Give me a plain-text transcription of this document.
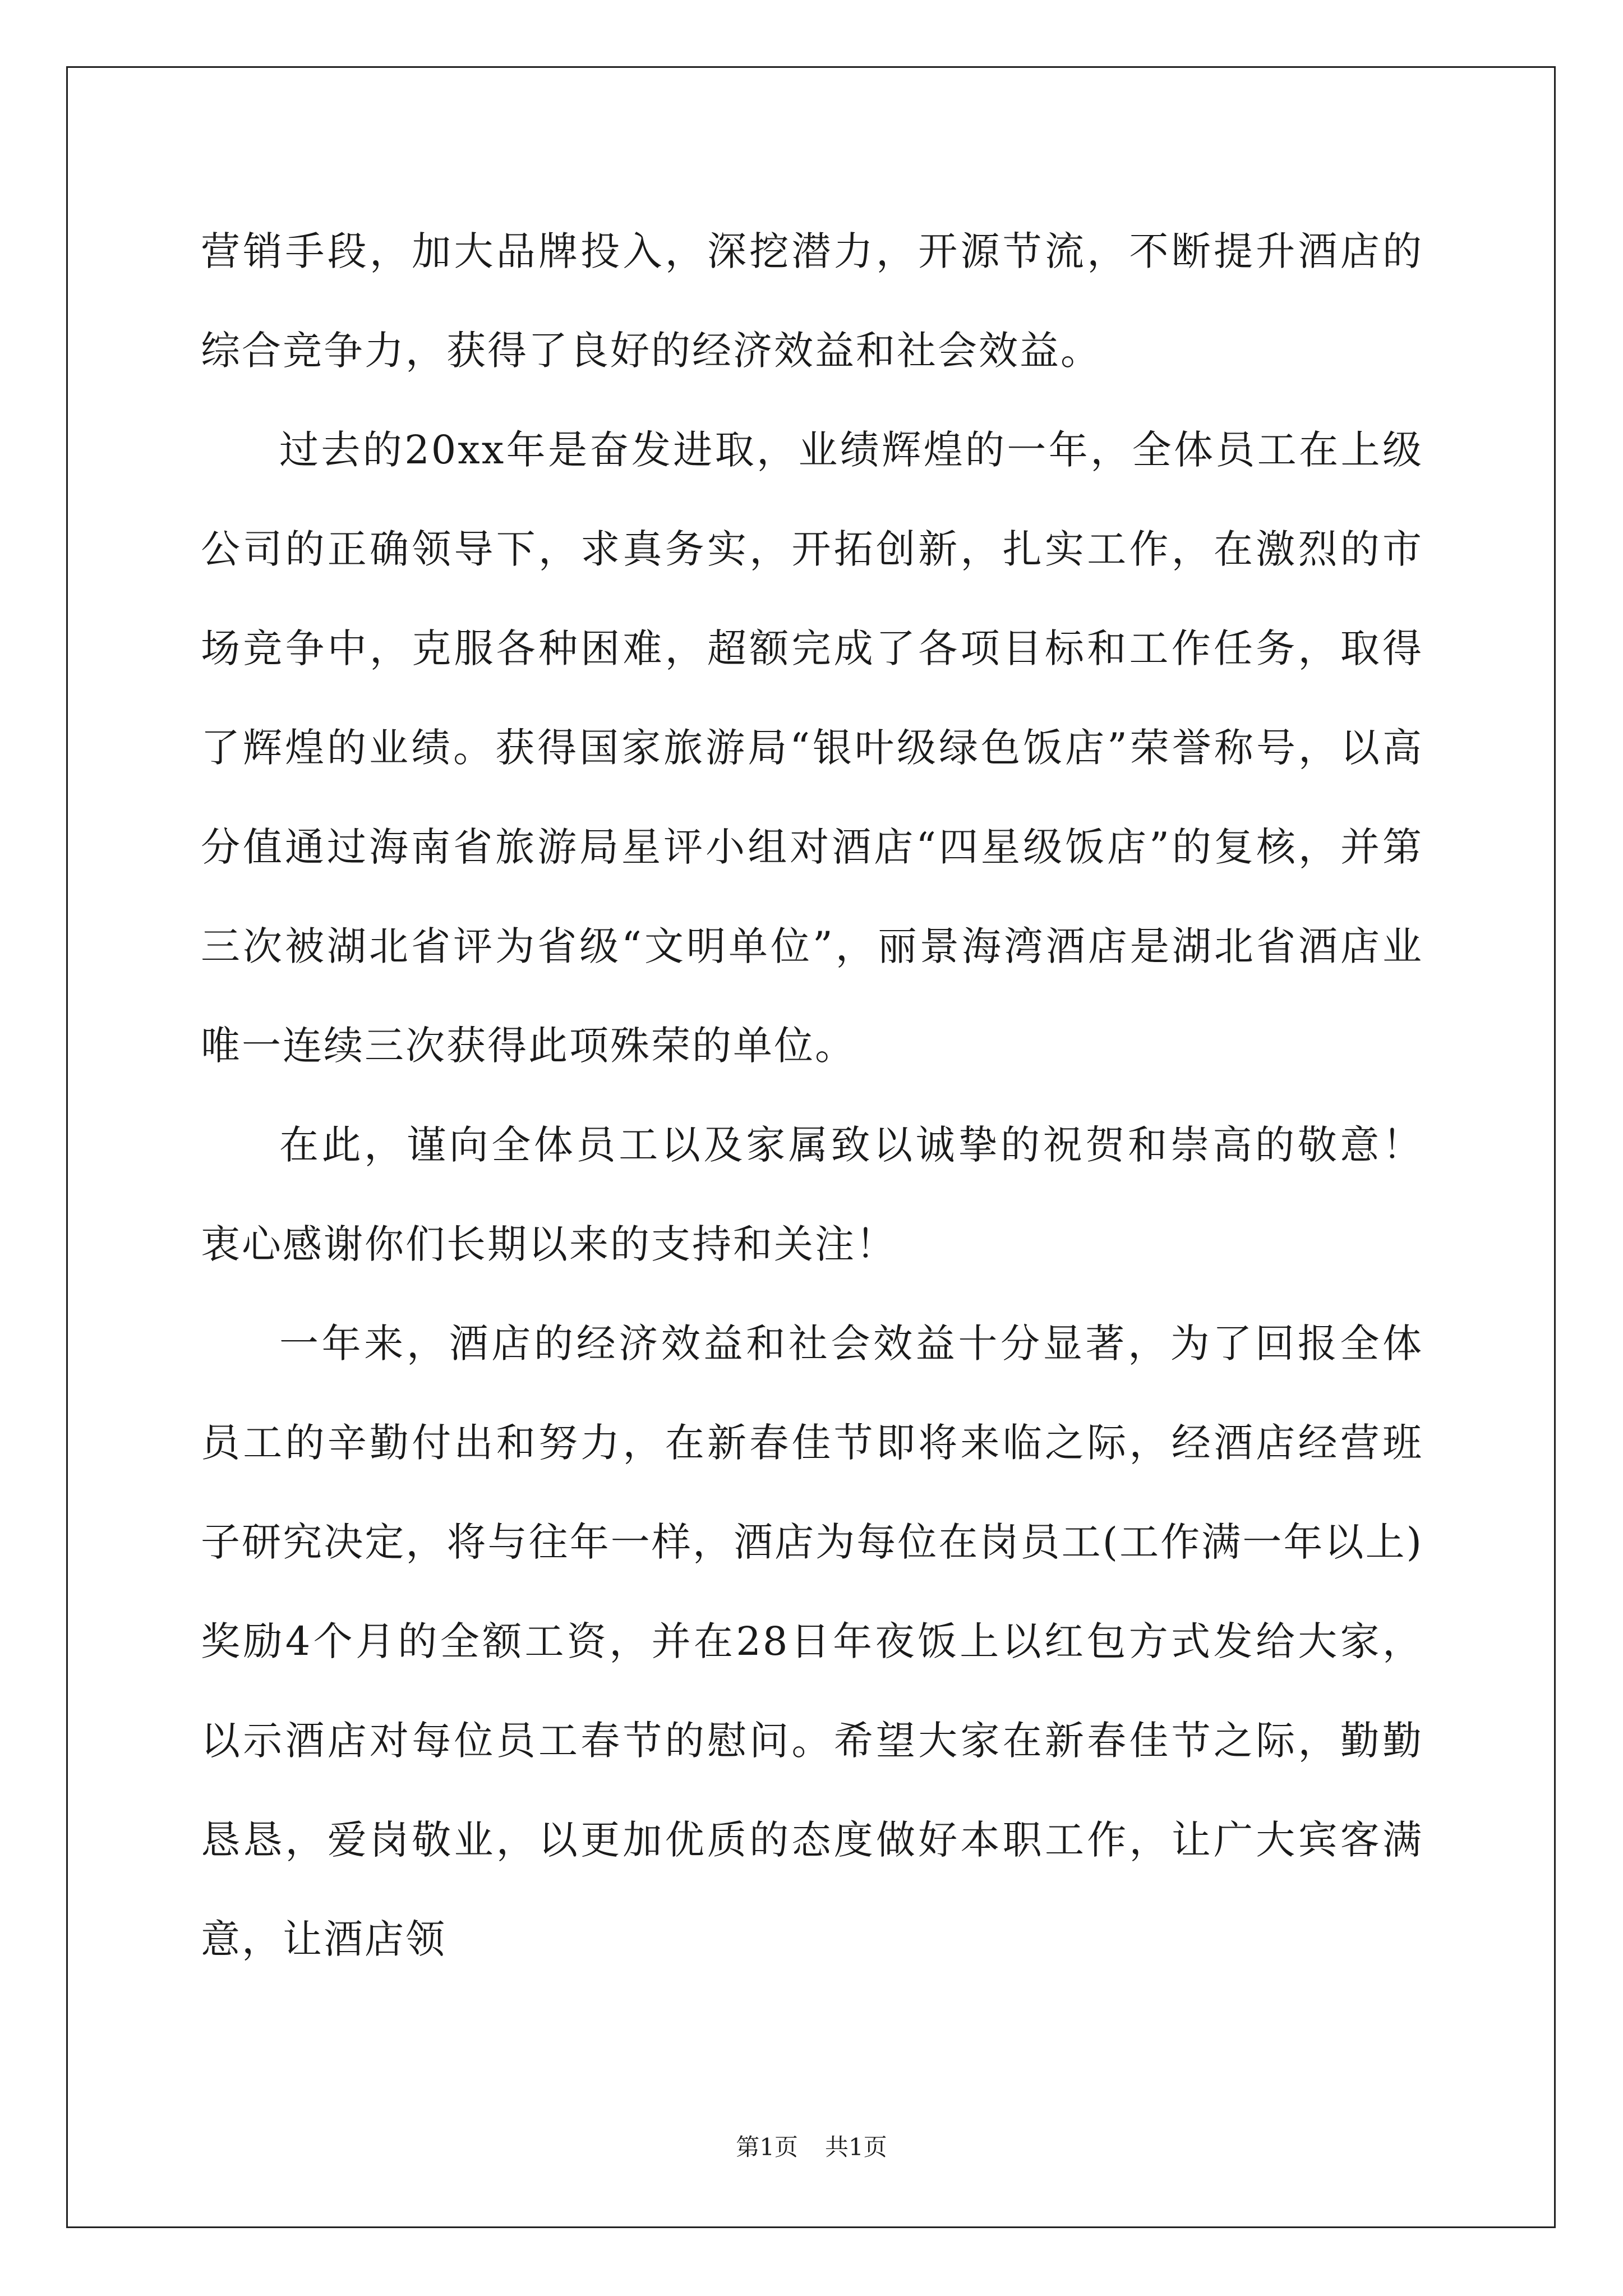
营销手段，加大品牌投入，深挖潜力，开源节流，不断提升酒店的综合竞争力，获得了良好的经济效益和社会效益。

过去的20xx年是奋发进取，业绩辉煌的一年，全体员工在上级公司的正确领导下，求真务实，开拓创新，扎实工作，在激烈的市场竞争中，克服各种困难，超额完成了各项目标和工作任务，取得了辉煌的业绩。获得国家旅游局“银叶级绿色饭店”荣誉称号，以高分值通过海南省旅游局星评小组对酒店“四星级饭店”的复核，并第三次被湖北省评为省级“文明单位”，丽景海湾酒店是湖北省酒店业唯一连续三次获得此项殊荣的单位。

在此，谨向全体员工以及家属致以诚挚的祝贺和崇高的敬意！衷心感谢你们长期以来的支持和关注！

一年来，酒店的经济效益和社会效益十分显著，为了回报全体员工的辛勤付出和努力，在新春佳节即将来临之际，经酒店经营班子研究决定，将与往年一样，酒店为每位在岗员工(工作满一年以上)奖励4个月的全额工资，并在28日年夜饭上以红包方式发给大家，以示酒店对每位员工春节的慰问。希望大家在新春佳节之际，勤勤恳恳，爱岗敬业，以更加优质的态度做好本职工作，让广大宾客满意，让酒店领

第1页 共1页
